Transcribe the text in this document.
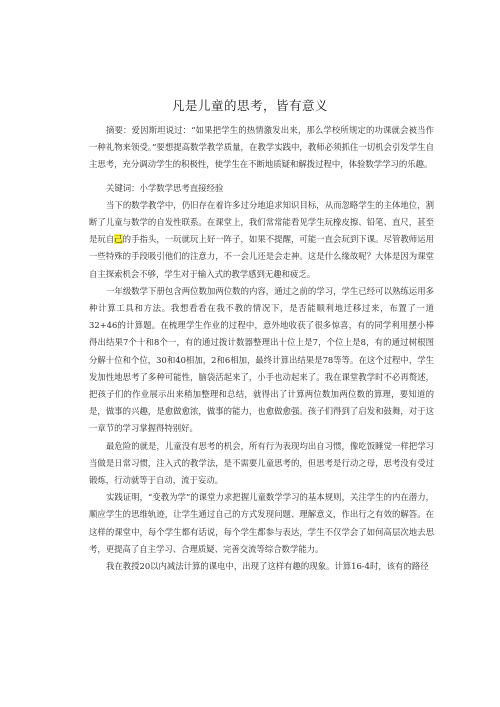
凡是儿童的思考，皆有意义

摘要：爱因斯坦说过：“如果把学生的热情激发出来，那么学校所规定的功课就会被当作一种礼物来领受。”要想提高数学教学质量，在教学实践中，教师必须抓住一切机会引发学生自主思考，充分调动学生的积极性，使学生在不断地质疑和解拨过程中，体验数学学习的乐趣。

关键词：小学数学思考直接经验

当下的数学教学中，仍旧存在着许多过分地追求知识目标，从而忽略学生的主体地位，割断了儿童与数学的自发性联系。在课堂上，我们常常能看见学生玩橡皮擦、铅笔、直尺，甚至是玩自己的手指头，一玩就玩上好一阵子，如果不提醒，可能一直会玩到下课。尽管教师运用一些特殊的手段吸引他们的注意力，不一会儿还是会走神。这是什么缘故呢？大体是因为课堂自主探索机会不够，学生对于输入式的教学感到无趣和疲乏。

一年级数学下册包含两位数加两位数的内容，通过之前的学习，学生已经可以熟练运用多种计算工具和方法。我想看看在我不教的情况下，是否能顺利地迁移过来，布置了一道32+46的计算题。在梳理学生作业的过程中，意外地收获了很多惊喜，有的同学利用摆小棒得出结果7个十和8个一，有的通过拨计数器整理出十位上是7，个位上是8，有的通过树根图分解十位和个位，30和40相加，2和6相加，最终计算出结果是78等等。在这个过程中，学生发加性地思考了多种可能性，脑袋活起来了，小手也动起来了。我在课堂教学时不必再赘述，把孩子们的作业展示出来稍加整理和总结，就得出了计算两位数加两位数的算理，要知道的是，做事的兴趣，是愈做愈浓，做事的能力，也愈做愈强。孩子们得到了启发和鼓舞，对于这一章节的学习掌握得特别好。

最危险的就是，儿童没有思考的机会，所有行为表现均出自习惯，像吃饭睡觉一样把学习当做是日常习惯，注入式的教学法，是不需要儿童思考的，但思考是行动之母，思考没有受过锻炼，行动就等于自动，流于妄动。

实践证明，“变教为学”的课堂力求把握儿童数学学习的基本规则，关注学生的内在潜力，顺应学生的思维轨迹，让学生通过自己的方式发现问题、理解意义，作出行之有效的解答。在这样的课堂中，每个学生都有话说，每个学生都参与表达，学生不仅学会了如何高层次地去思考，更提高了自主学习、合理质疑、完善交流等综合数学能力。

我在教授20以内减法计算的课电中，出现了这样有趣的现象。计算16-4时，该有的路径
